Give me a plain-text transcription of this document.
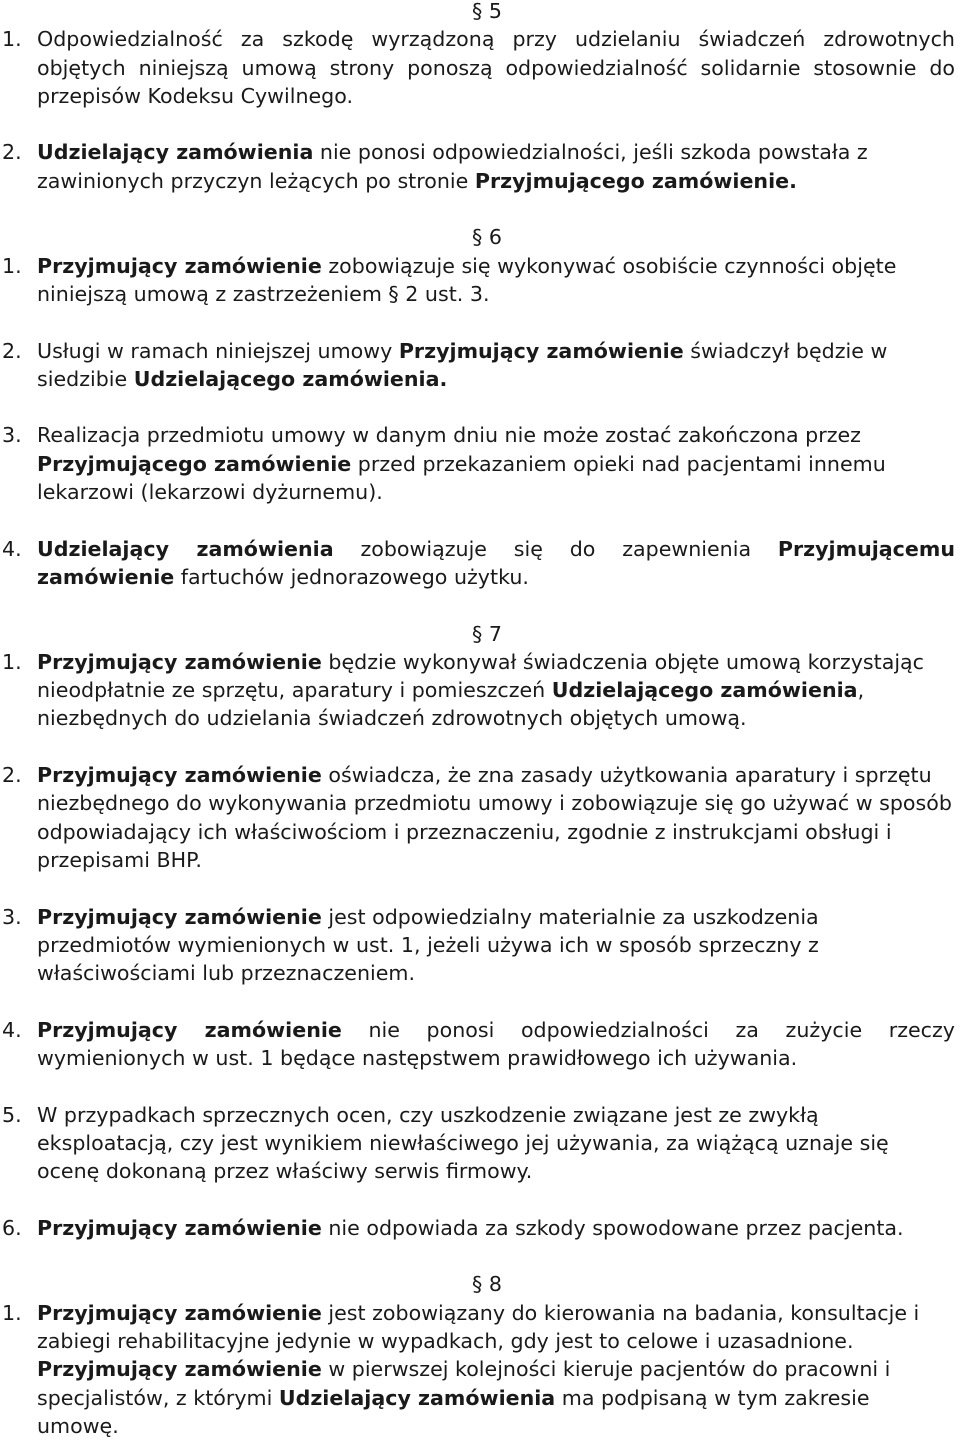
§ 5

1. Odpowiedzialność za szkodę wyrządzoną przy udzielaniu świadczeń zdrowotnych objętych niniejszą umową strony ponoszą odpowiedzialność solidarnie stosownie do przepisów Kodeksu Cywilnego.
2. Udzielający zamówienia nie ponosi odpowiedzialności, jeśli szkoda powstała z zawinionych przyczyn leżących po stronie Przyjmującego zamówienie.

§ 6

1. Przyjmujący zamówienie zobowiązuje się wykonywać osobiście czynności objęte niniejszą umową z zastrzeżeniem § 2 ust. 3.
2. Usługi w ramach niniejszej umowy Przyjmujący zamówienie świadczył będzie w siedzibie Udzielającego zamówienia.
3. Realizacja przedmiotu umowy w danym dniu nie może zostać zakończona przez Przyjmującego zamówienie przed przekazaniem opieki nad pacjentami innemu lekarzowi (lekarzowi dyżurnemu).
4. Udzielający zamówienia zobowiązuje się do zapewnienia Przyjmującemu zamówienie fartuchów jednorazowego użytku.

§ 7

1. Przyjmujący zamówienie będzie wykonywał świadczenia objęte umową korzystając nieodpłatnie ze sprzętu, aparatury i pomieszczeń Udzielającego zamówienia, niezbędnych do udzielania świadczeń zdrowotnych objętych umową.
2. Przyjmujący zamówienie oświadcza, że zna zasady użytkowania aparatury i sprzętu niezbędnego do wykonywania przedmiotu umowy i zobowiązuje się go używać w sposób odpowiadający ich właściwościom i przeznaczeniu, zgodnie z instrukcjami obsługi i przepisami BHP.
3. Przyjmujący zamówienie jest odpowiedzialny materialnie za uszkodzenia przedmiotów wymienionych w ust. 1, jeżeli używa ich w sposób sprzeczny z właściwościami lub przeznaczeniem.
4. Przyjmujący zamówienie nie ponosi odpowiedzialności za zużycie rzeczy wymienionych w ust. 1 będące następstwem prawidłowego ich używania.
5. W przypadkach sprzecznych ocen, czy uszkodzenie związane jest ze zwykłą eksploatacją, czy jest wynikiem niewłaściwego jej używania, za wiążącą uznaje się ocenę dokonaną przez właściwy serwis firmowy.
6. Przyjmujący zamówienie nie odpowiada za szkody spowodowane przez pacjenta.

§ 8

1. Przyjmujący zamówienie jest zobowiązany do kierowania na badania, konsultacje i zabiegi rehabilitacyjne jedynie w wypadkach, gdy jest to celowe i uzasadnione. Przyjmujący zamówienie w pierwszej kolejności kieruje pacjentów do pracowni i specjalistów, z którymi Udzielający zamówienia ma podpisaną w tym zakresie umowę.
